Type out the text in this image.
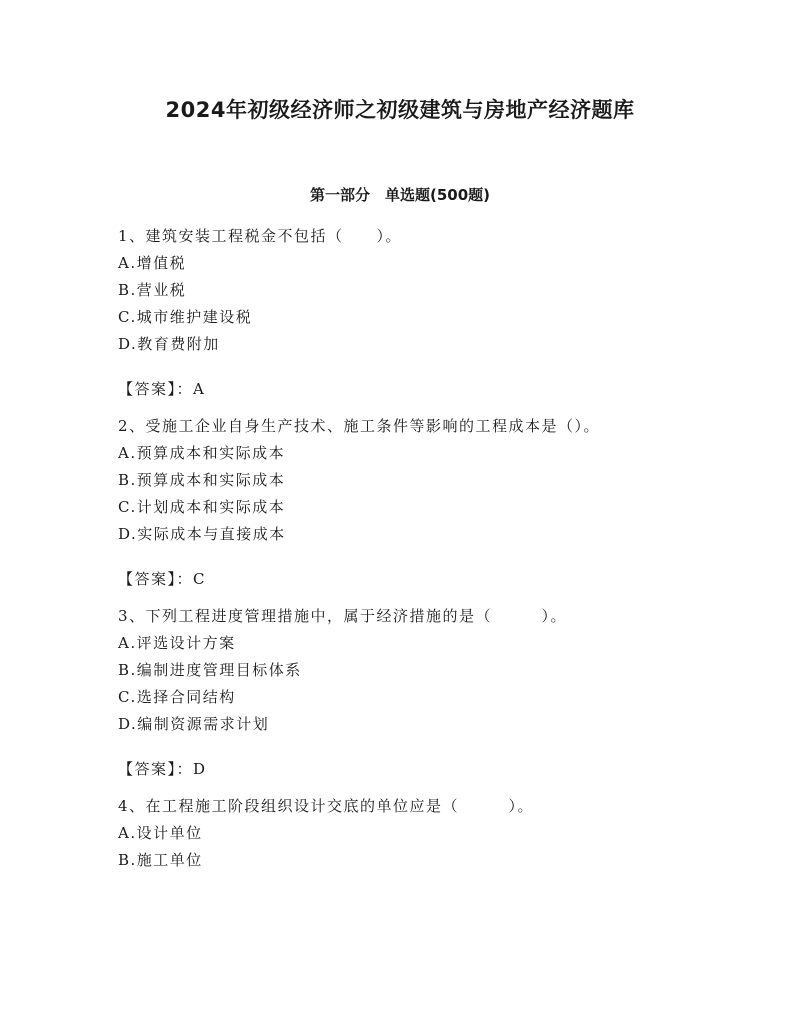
2024年初级经济师之初级建筑与房地产经济题库
第一部分　单选题(500题)
1、建筑安装工程税金不包括（　　）。
A.增值税
B.营业税
C.城市维护建设税
D.教育费附加
【答案】：A
2、受施工企业自身生产技术、施工条件等影响的工程成本是（）。
A.预算成本和实际成本
B.预算成本和实际成本
C.计划成本和实际成本
D.实际成本与直接成本
【答案】：C
3、下列工程进度管理措施中，属于经济措施的是（　　　）。
A.评选设计方案
B.编制进度管理目标体系
C.选择合同结构
D.编制资源需求计划
【答案】：D
4、在工程施工阶段组织设计交底的单位应是（　　　）。
A.设计单位
B.施工单位
